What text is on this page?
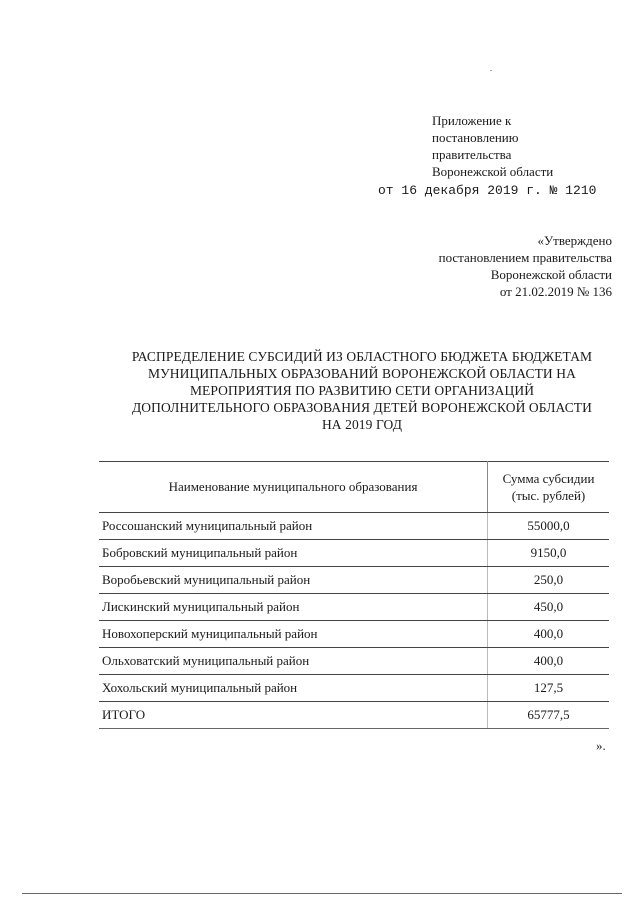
Приложение к
постановлению
правительства
Воронежской области
от 16 декабря 2019 г. № 1210
«Утверждено
постановлением правительства
Воронежской области
от 21.02.2019 № 136
РАСПРЕДЕЛЕНИЕ СУБСИДИЙ ИЗ ОБЛАСТНОГО БЮДЖЕТА БЮДЖЕТАМ
МУНИЦИПАЛЬНЫХ ОБРАЗОВАНИЙ ВОРОНЕЖСКОЙ ОБЛАСТИ НА
МЕРОПРИЯТИЯ ПО РАЗВИТИЮ СЕТИ ОРГАНИЗАЦИЙ
ДОПОЛНИТЕЛЬНОГО ОБРАЗОВАНИЯ ДЕТЕЙ ВОРОНЕЖСКОЙ ОБЛАСТИ
НА 2019 ГОД
Наименование муниципального образования	Сумма субсидии
(тыс. рублей)
Россошанский муниципальный район	55000,0
Бобровский муниципальный район	9150,0
Воробьевский муниципальный район	250,0
Лискинский муниципальный район	450,0
Новохоперский муниципальный район	400,0
Ольховатский муниципальный район	400,0
Хохольский муниципальный район	127,5
ИТОГО	65777,5
».
